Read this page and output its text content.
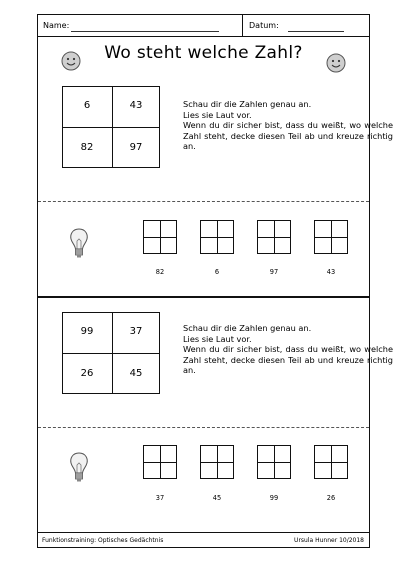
Name:	Datum:
Wo steht welche Zahl?
6	43
82	97

Schau dir die Zahlen genau an.
Lies sie Laut vor.
Wenn du dir sicher bist, dass du weißt, wo welche Zahl steht, decke diesen Teil ab und kreuze richtig an.

82	6	97	43
99	37
26	45

Schau dir die Zahlen genau an.
Lies sie Laut vor.
Wenn du dir sicher bist, dass du weißt, wo welche Zahl steht, decke diesen Teil ab und kreuze richtig an.

37	45	99	26
Funktionstraining: Optisches Gedächtnis	Ursula Hunner 10/2018
